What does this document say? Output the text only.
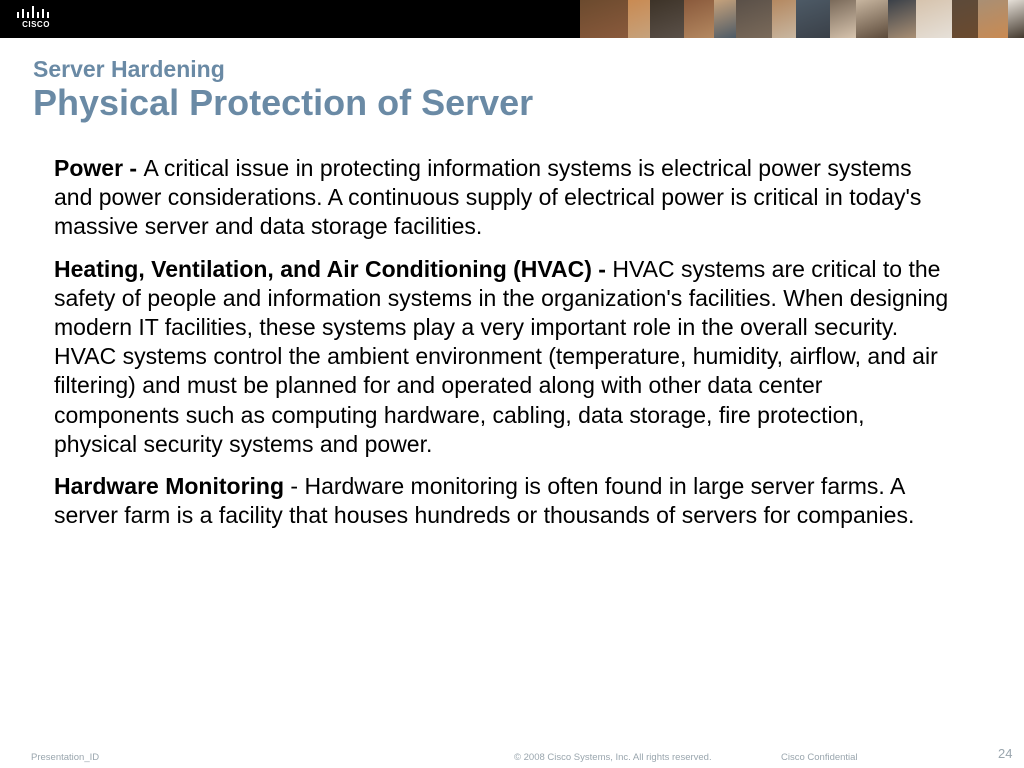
CISCO
Server Hardening
Physical Protection of Server

Power - A critical issue in protecting information systems is electrical power systems and power considerations. A continuous supply of electrical power is critical in today's massive server and data storage facilities.

Heating, Ventilation, and Air Conditioning (HVAC) - HVAC systems are critical to the safety of people and information systems in the organization's facilities. When designing modern IT facilities, these systems play a very important role in the overall security. HVAC systems control the ambient environment (temperature, humidity, airflow, and air filtering) and must be planned for and operated along with other data center components such as computing hardware, cabling, data storage, fire protection, physical security systems and power.

Hardware Monitoring - Hardware monitoring is often found in large server farms. A server farm is a facility that houses hundreds or thousands of servers for companies.

Presentation_ID	© 2008 Cisco Systems, Inc. All rights reserved.	Cisco Confidential	24
